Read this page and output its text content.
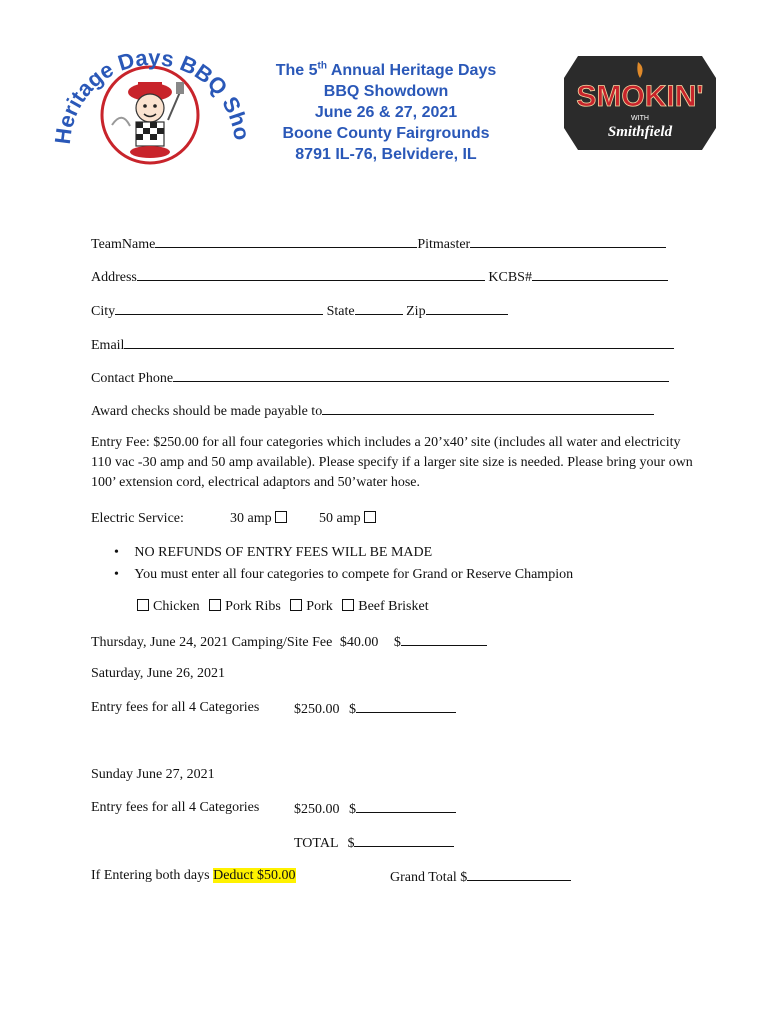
Heritage Days BBQ Sh
The 5th Annual Heritage Days
BBQ Showdown
June 26 & 27, 2021
Boone County Fairgrounds
8791 IL-76, Belvidere, IL
SMOKIN'
WITH
Smithfield
TeamName	Pitmaster
Address	KCBS#
City	State	Zip
Email
Contact Phone
Award checks should be made payable to
Entry Fee: $250.00 for all four categories which includes a 20’x40’ site (includes all water and electricity
110 vac -30 amp and 50 amp available). Please specify if a larger site size is needed. Please bring your own
100’ extension cord, electrical adaptors and 50’water hose.
Electric Service:	30 amp	50 amp
• NO REFUNDS OF ENTRY FEES WILL BE MADE
• You must enter all four categories to compete for Grand or Reserve Champion
Chicken Pork Ribs Pork Beef Brisket
Thursday, June 24, 2021 Camping/Site Fee $40.00 $
Saturday, June 26, 2021
Entry fees for all 4 Categories $250.00 $
Sunday June 27, 2021
Entry fees for all 4 Categories $250.00 $
TOTAL $
If Entering both days Deduct $50.00	Grand Total $
